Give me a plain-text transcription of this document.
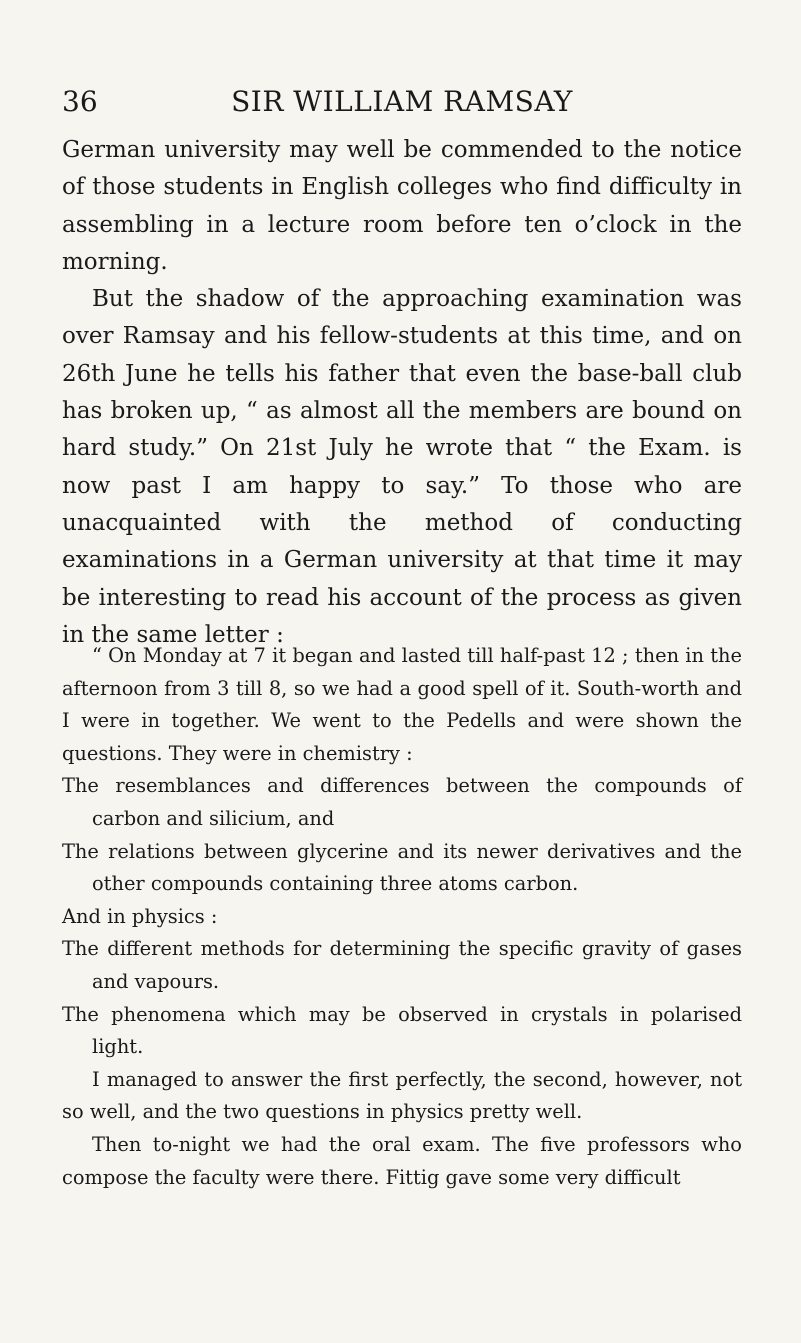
36	SIR WILLIAM RAMSAY

German university may well be commended to the notice of those students in English colleges who find difficulty in assembling in a lecture room before ten o’clock in the morning.

But the shadow of the approaching examination was over Ramsay and his fellow-students at this time, and on 26th June he tells his father that even the base-ball club has broken up, “ as almost all the members are bound on hard study.” On 21st July he wrote that “ the Exam. is now past I am happy to say.” To those who are unacquainted with the method of conducting examinations in a German university at that time it may be interesting to read his account of the process as given in the same letter :

“ On Monday at 7 it began and lasted till half-past 12 ; then in the afternoon from 3 till 8, so we had a good spell of it. South-worth and I were in together. We went to the Pedells and were shown the questions. They were in chemistry :

The resemblances and differences between the compounds of carbon and silicium, and

The relations between glycerine and its newer derivatives and the other compounds containing three atoms carbon.

And in physics :

The different methods for determining the specific gravity of gases and vapours.

The phenomena which may be observed in crystals in polarised light.

I managed to answer the first perfectly, the second, however, not so well, and the two questions in physics pretty well.

Then to-night we had the oral exam. The five professors who compose the faculty were there. Fittig gave some very difficult
